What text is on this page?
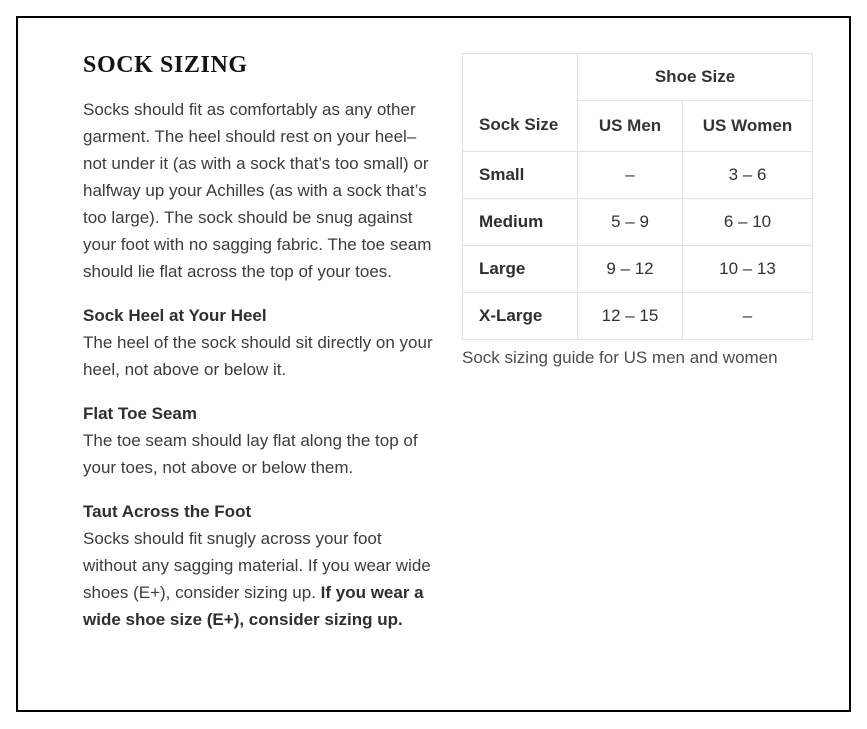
SOCK SIZING

Socks should fit as comfortably as any other garment. The heel should rest on your heel–not under it (as with a sock that’s too small) or halfway up your Achilles (as with a sock that’s too large). The sock should be snug against your foot with no sagging fabric. The toe seam should lie flat across the top of your toes.

Sock Heel at Your Heel

The heel of the sock should sit directly on your heel, not above or below it.

Flat Toe Seam

The toe seam should lay flat along the top of your toes, not above or below them.

Taut Across the Foot

Socks should fit snugly across your foot without any sagging material. If you wear wide shoes (E+), consider sizing up. If you wear a wide shoe size (E+), consider sizing up.

Sock Size	Shoe Size	
	US Men	US Women
Small	–	3 – 6
Medium	5 – 9	6 – 10
Large	9 – 12	10 – 13
X-Large	12 – 15	–
Sock sizing guide for US men and women
